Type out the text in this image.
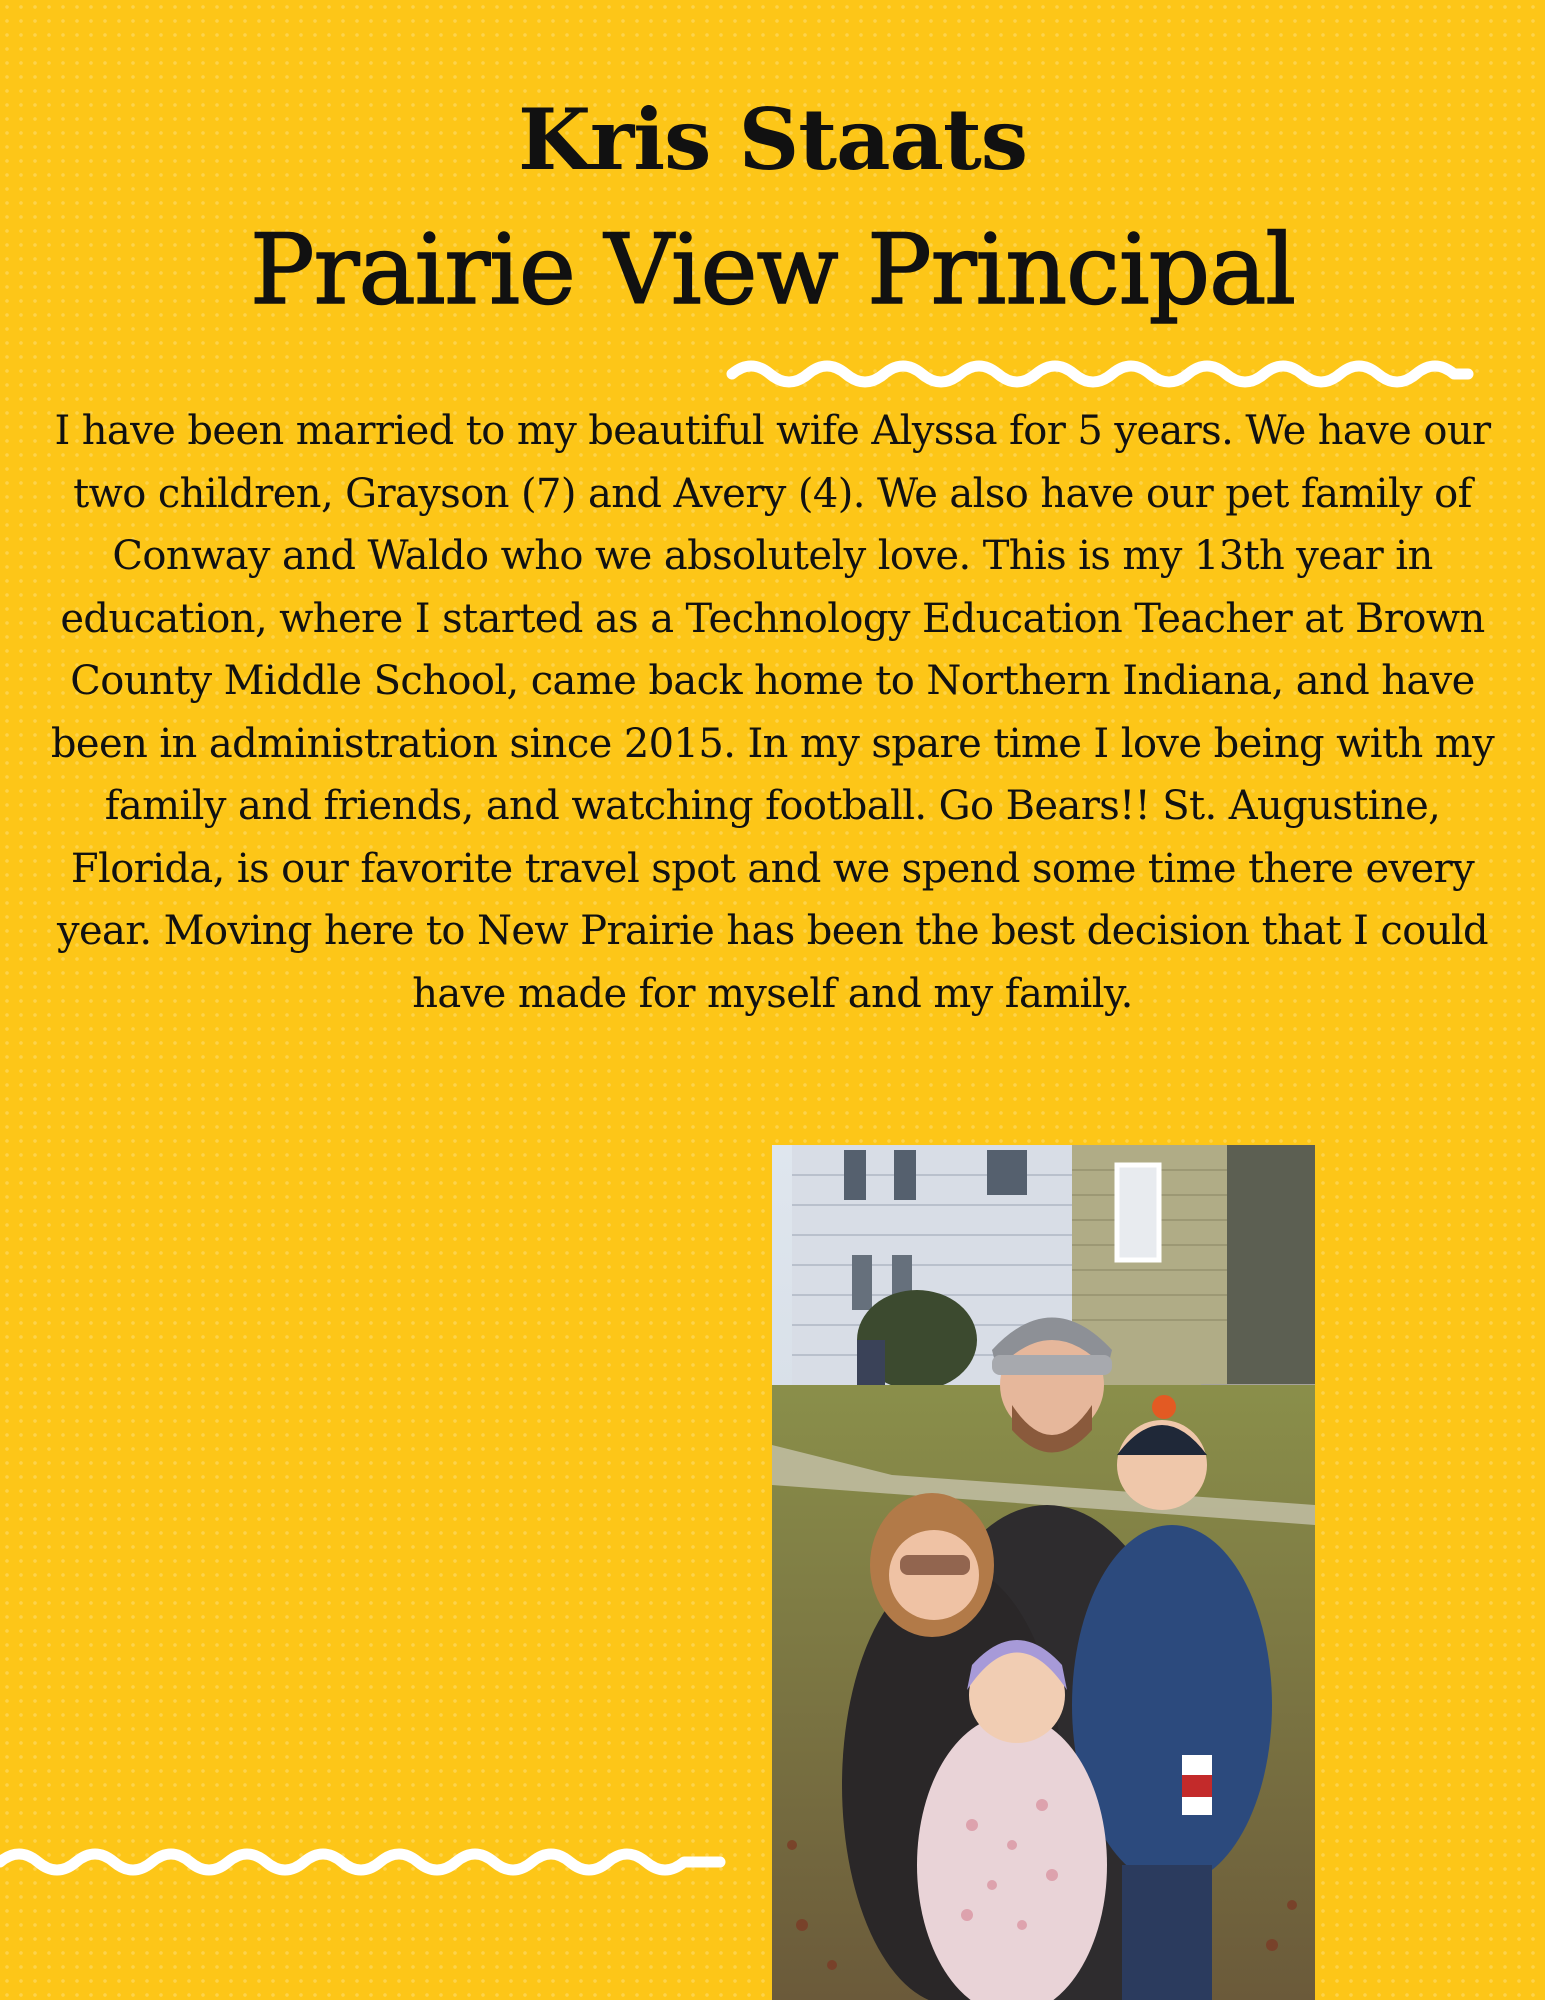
Kris Staats
Prairie View Principal

I have been married to my beautiful wife Alyssa for 5 years. We have our two children, Grayson (7) and Avery (4). We also have our pet family of Conway and Waldo who we absolutely love. This is my 13th year in education, where I started as a Technology Education Teacher at Brown County Middle School, came back home to Northern Indiana, and have been in administration since 2015. In my spare time I love being with my family and friends, and watching football. Go Bears!! St. Augustine, Florida, is our favorite travel spot and we spend some time there every year. Moving here to New Prairie has been the best decision that I could have made for myself and my family.
